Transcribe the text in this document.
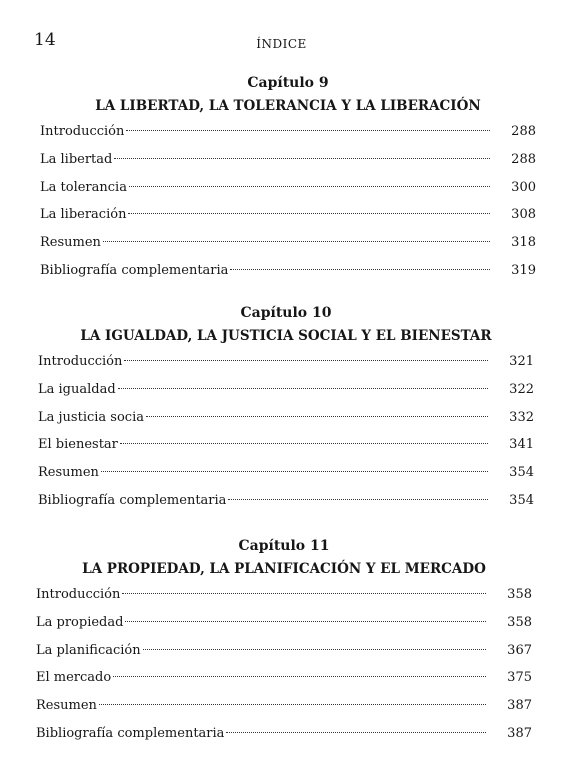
14	ÍNDICE
Capítulo 9
LA LIBERTAD, LA TOLERANCIA Y LA LIBERACIÓN
Introducción	288
La libertad	288
La tolerancia	300
La liberación	308
Resumen	318
Bibliografía complementaria	319
Capítulo 10
LA IGUALDAD, LA JUSTICIA SOCIAL Y EL BIENESTAR
Introducción	321
La igualdad	322
La justicia socia	332
El bienestar	341
Resumen	354
Bibliografía complementaria	354
Capítulo 11
LA PROPIEDAD, LA PLANIFICACIÓN Y EL MERCADO
Introducción	358
La propiedad	358
La planificación	367
El mercado	375
Resumen	387
Bibliografía complementaria	387
